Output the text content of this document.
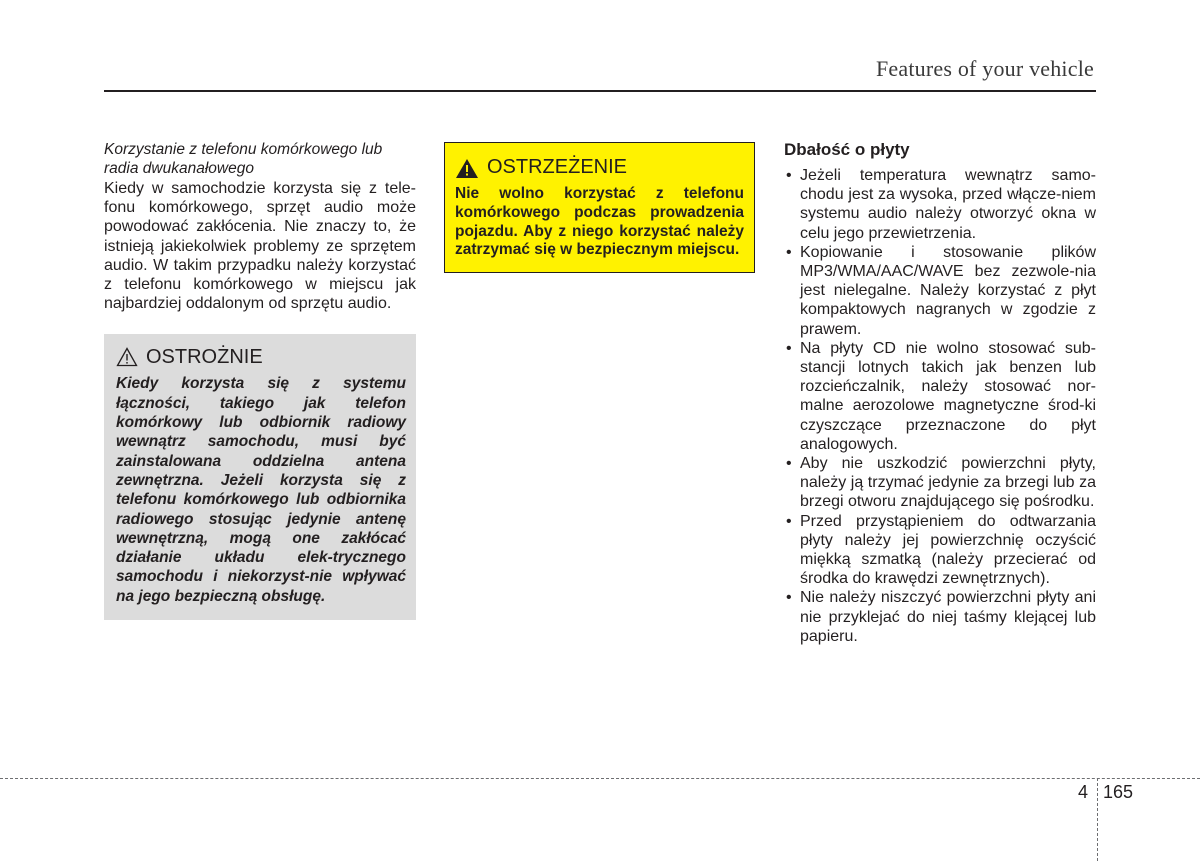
Features of your vehicle
Korzystanie z telefonu komórkowego lub radia dwukanałowego
Kiedy w samochodzie korzysta się z tele-fonu komórkowego, sprzęt audio może powodować zakłócenia. Nie znaczy to, że istnieją jakiekolwiek problemy ze sprzętem audio. W takim przypadku należy korzystać z telefonu komórkowego w miejscu jak najbardziej oddalonym od sprzętu audio.
OSTROŻNIE
Kiedy korzysta się z systemu łączności, takiego jak telefon komórkowy lub odbiornik radiowy wewnątrz samochodu, musi być zainstalowana oddzielna antena zewnętrzna. Jeżeli korzysta się z telefonu komórkowego lub odbiornika radiowego stosując jedynie antenę wewnętrzną, mogą one zakłócać działanie układu elek-trycznego samochodu i niekorzyst-nie wpływać na jego bezpieczną obsługę.
OSTRZEŻENIE
Nie wolno korzystać z telefonu komórkowego podczas prowadzenia pojazdu. Aby z niego korzystać należy zatrzymać się w bezpiecznym miejscu.
Dbałość o płyty
• Jeżeli temperatura wewnątrz samo-chodu jest za wysoka, przed włącze-niem systemu audio należy otworzyć okna w celu jego przewietrzenia.
• Kopiowanie i stosowanie plików MP3/WMA/AAC/WAVE bez zezwole-nia jest nielegalne. Należy korzystać z płyt kompaktowych nagranych w zgodzie z prawem.
• Na płyty CD nie wolno stosować sub-stancji lotnych takich jak benzen lub rozcieńczalnik, należy stosować nor-malne aerozolowe magnetyczne środ-ki czyszczące przeznaczone do płyt analogowych.
• Aby nie uszkodzić powierzchni płyty, należy ją trzymać jedynie za brzegi lub za brzegi otworu znajdującego się pośrodku.
• Przed przystąpieniem do odtwarzania płyty należy jej powierzchnię oczyścić miękką szmatką (należy przecierać od środka do krawędzi zewnętrznych).
• Nie należy niszczyć powierzchni płyty ani nie przyklejać do niej taśmy klejącej lub papieru.
4 165
